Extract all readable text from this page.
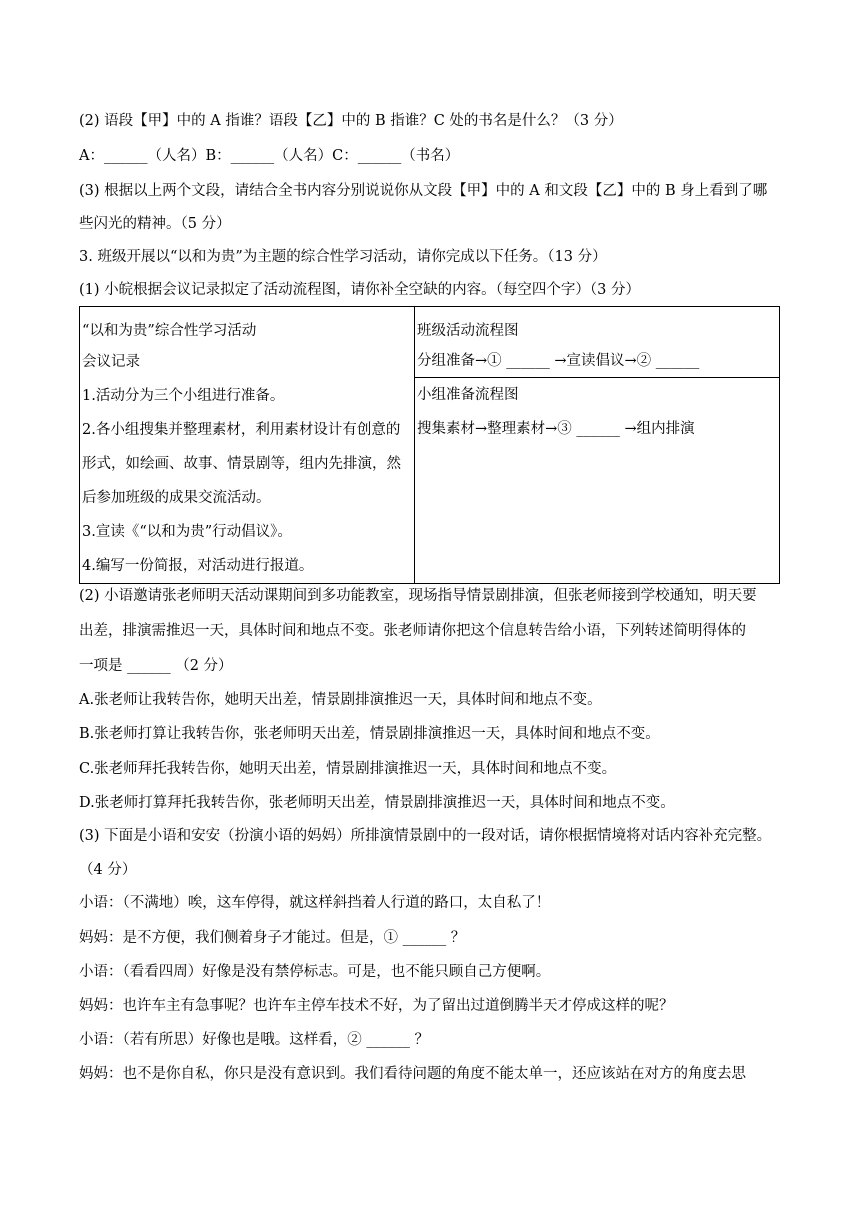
(2) 语段【甲】中的 A 指谁？语段【乙】中的 B 指谁？C 处的书名是什么？（3 分）
A：______（人名）B：______（人名）C：______（书名）
(3) 根据以上两个文段，请结合全书内容分别说说你从文段【甲】中的 A 和文段【乙】中的 B 身上看到了哪
些闪光的精神。（5 分）
3. 班级开展以“以和为贵”为主题的综合性学习活动，请你完成以下任务。（13 分）
(1) 小皖根据会议记录拟定了活动流程图，请你补全空缺的内容。（每空四个字）（3 分）
“以和为贵”综合性学习活动
会议记录
1.活动分为三个小组进行准备。
2.各小组搜集并整理素材，利用素材设计有创意的
形式，如绘画、故事、情景剧等，组内先排演，然
后参加班级的成果交流活动。
3.宣读《“以和为贵”行动倡议》。
4.编写一份简报，对活动进行报道。

班级活动流程图
分组准备→① ______ →宣读倡议→② ______

小组准备流程图
搜集素材→整理素材→③ ______ →组内排演
(2) 小语邀请张老师明天活动课期间到多功能教室，现场指导情景剧排演，但张老师接到学校通知，明天要
出差，排演需推迟一天，具体时间和地点不变。张老师请你把这个信息转告给小语，下列转述简明得体的
一项是 ______ （2 分）
A.张老师让我转告你，她明天出差，情景剧排演推迟一天，具体时间和地点不变。
B.张老师打算让我转告你，张老师明天出差，情景剧排演推迟一天，具体时间和地点不变。
C.张老师拜托我转告你，她明天出差，情景剧排演推迟一天，具体时间和地点不变。
D.张老师打算拜托我转告你，张老师明天出差，情景剧排演推迟一天，具体时间和地点不变。
(3) 下面是小语和安安（扮演小语的妈妈）所排演情景剧中的一段对话，请你根据情境将对话内容补充完整。
（4 分）
小语：（不满地）唉，这车停得，就这样斜挡着人行道的路口，太自私了！
妈妈：是不方便，我们侧着身子才能过。但是，① ______ ？
小语：（看看四周）好像是没有禁停标志。可是，也不能只顾自己方便啊。
妈妈：也许车主有急事呢？也许车主停车技术不好，为了留出过道倒腾半天才停成这样的呢？
小语：（若有所思）好像也是哦。这样看，② ______ ？
妈妈：也不是你自私，你只是没有意识到。我们看待问题的角度不能太单一，还应该站在对方的角度去思
